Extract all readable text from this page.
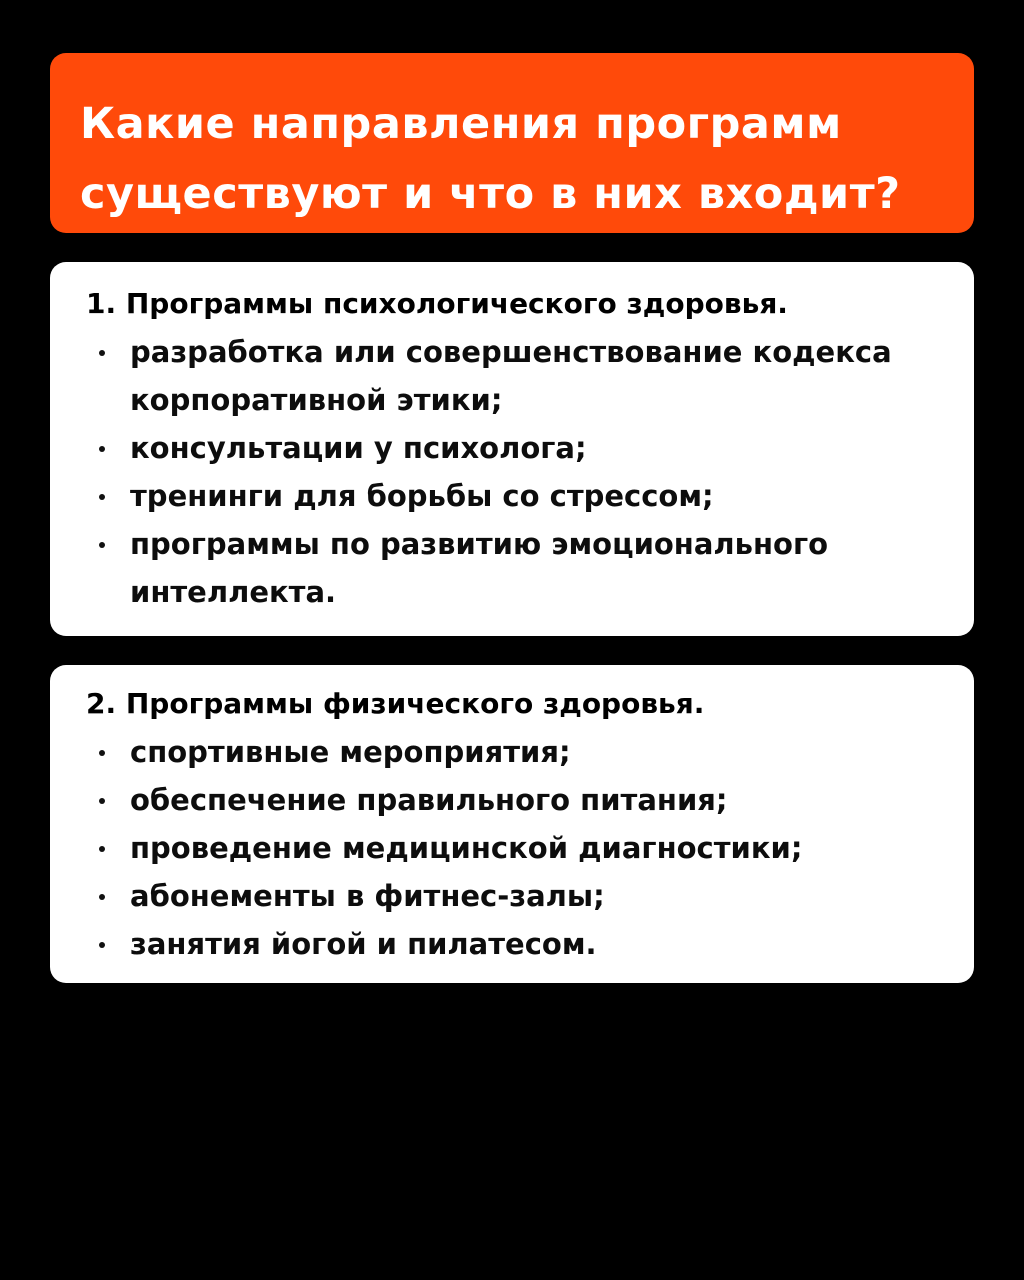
Какие направления программ
существуют и что в них входит?
1. Программы психологического здоровья.
разработка или совершенствование кодекса корпоративной этики;
консультации у психолога;
тренинги для борьбы со стрессом;
программы по развитию эмоционального интеллекта.
2. Программы физического здоровья.
спортивные мероприятия;
обеспечение правильного питания;
проведение медицинской диагностики;
абонементы в фитнес-залы;
занятия йогой и пилатесом.
